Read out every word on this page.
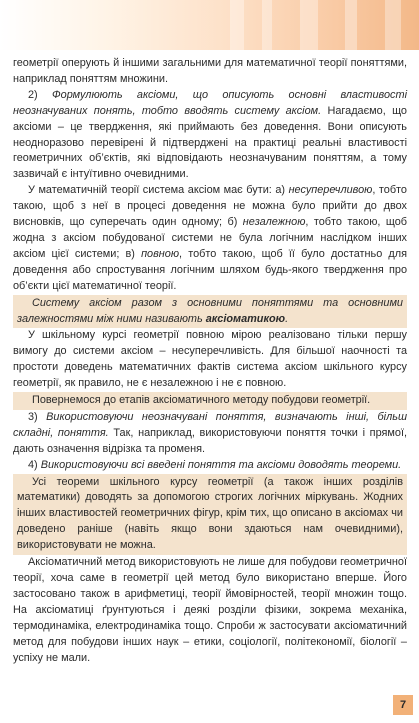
геометрії оперують й іншими загальними для математичної теорії поняттями, наприклад поняттям множини.

2) Формулюють аксіоми, що описують основні властивості неозначуваних понять, тобто вводять систему аксіом. Нагадаємо, що аксіоми – це твердження, які приймають без доведення. Вони описують неодноразово перевірені й підтверджені на практиці реальні властивості геометричних об’єктів, які відповідають неозначуваним поняттям, а тому зазвичай є інтуїтивно очевидними.

У математичній теорії система аксіом має бути: а) несуперечливою, тобто такою, щоб з неї в процесі доведення не можна було прийти до двох висновків, що суперечать один одному; б) незалежною, тобто такою, щоб жодна з аксіом побудованої системи не була логічним наслідком інших аксіом цієї системи; в) повною, тобто такою, щоб її було достатньо для доведення або спростування логічним шляхом будь-якого твердження про об’єкти цієї математичної теорії.

Систему аксіом разом з основними поняттями та основними залежностями між ними називають аксіоматикою.

У шкільному курсі геометрії повною мірою реалізовано тільки першу вимогу до системи аксіом – несуперечливість. Для більшої наочності та простоти доведень математичних фактів система аксіом шкільного курсу геометрії, як правило, не є незалежною і не є повною.

Повернемося до етапів аксіоматичного методу побудови геометрії.

3) Використовуючи неозначувані поняття, визначають інші, більш складні, поняття. Так, наприклад, використовуючи поняття точки і прямої, дають означення відрізка та променя.

4) Використовуючи всі введені поняття та аксіоми доводять теореми.

Усі теореми шкільного курсу геометрії (а також інших розділів математики) доводять за допомогою строгих логічних міркувань. Жодних інших властивостей геометричних фігур, крім тих, що описано в аксіомах чи доведено раніше (навіть якщо вони здаються нам очевидними), використовувати не можна.

Аксіоматичний метод використовують не лише для побудови геометричної теорії, хоча саме в геометрії цей метод було використано вперше. Його застосовано також в арифметиці, теорії ймовірностей, теорії множин тощо. На аксіоматиці ґрунтуються і деякі розділи фізики, зокрема механіка, термодинаміка, електродинаміка тощо. Спроби ж застосувати аксіоматичний метод для побудови інших наук – етики, соціології, політекономії, біології – успіху не мали.

7
